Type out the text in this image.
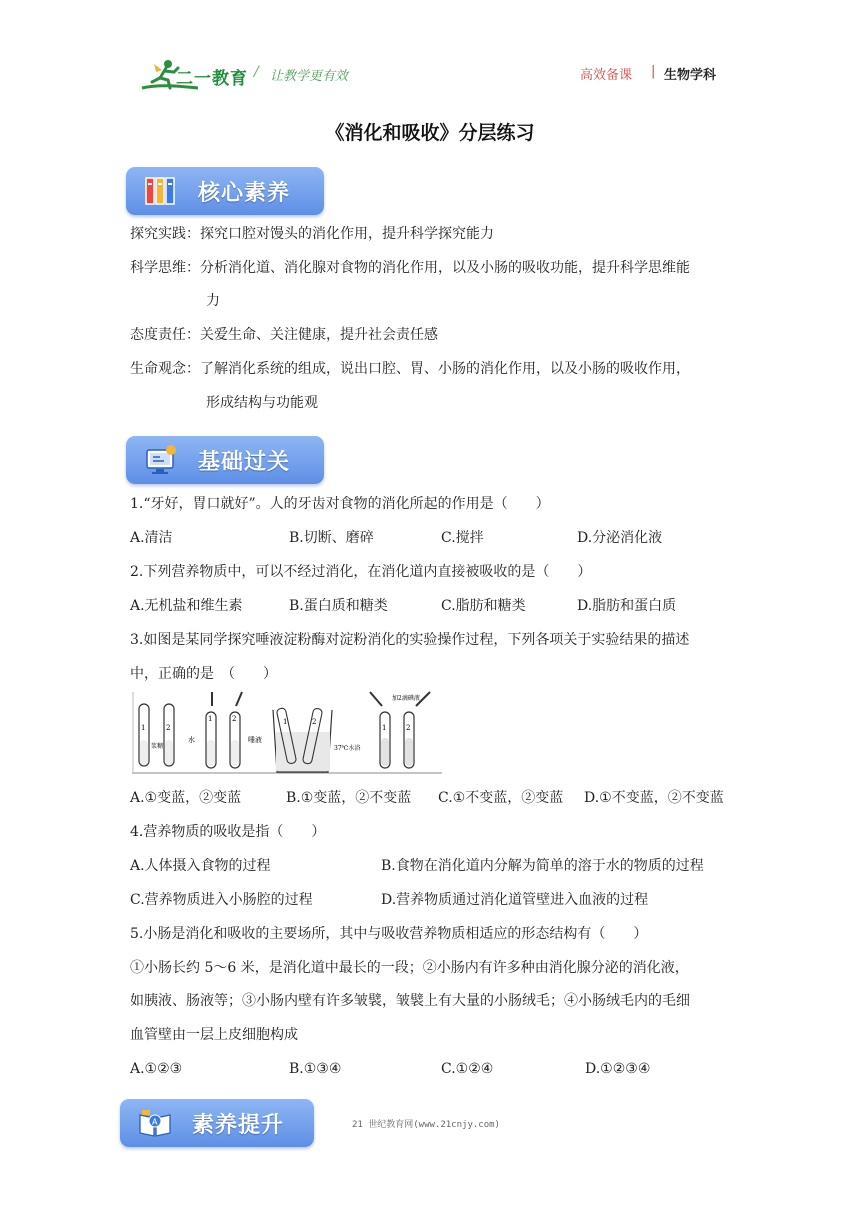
二一教育 / 让教学更有效	高效备课 | 生物学科
《消化和吸收》分层练习
核心素养
探究实践：探究口腔对馒头的消化作用，提升科学探究能力
科学思维：分析消化道、消化腺对食物的消化作用，以及小肠的吸收功能，提升科学思维能
力
态度责任：关爱生命、关注健康，提升社会责任感
生命观念：了解消化系统的组成，说出口腔、胃、小肠的消化作用，以及小肠的吸收作用，
形成结构与功能观
基础过关
1.“牙好，胃口就好”。人的牙齿对食物的消化所起的作用是（　　）
A.清洁	B.切断、磨碎	C.搅拌	D.分泌消化液
2.下列营养物质中，可以不经过消化，在消化道内直接被吸收的是（　　）
A.无机盐和维生素	B.蛋白质和糖类	C.脂肪和糖类	D.脂肪和蛋白质
3.如图是某同学探究唾液淀粉酶对淀粉消化的实验操作过程，下列各项关于实验结果的描述
中，正确的是　（　　）
1	2
浆糊
1	2
水	唾液
1	2
37℃水浴
1	2
加2滴碘液
A.①变蓝，②变蓝	B.①变蓝，②不变蓝 C.①不变蓝，②变蓝 D.①不变蓝，②不变蓝
4.营养物质的吸收是指（　　）
A.人体摄入食物的过程	B.食物在消化道内分解为简单的溶于水的物质的过程
C.营养物质进入小肠腔的过程	D.营养物质通过消化道管壁进入血液的过程
5.小肠是消化和吸收的主要场所，其中与吸收营养物质相适应的形态结构有（　　）
①小肠长约 5～6 米，是消化道中最长的一段；②小肠内有许多种由消化腺分泌的消化液，
如胰液、肠液等；③小肠内壁有许多皱襞，皱襞上有大量的小肠绒毛；④小肠绒毛内的毛细
血管壁由一层上皮细胞构成
A.①②③	B.①③④	C.①②④	D.①②③④
A 素养提升	21 世纪教育网(www.21cnjy.com)
